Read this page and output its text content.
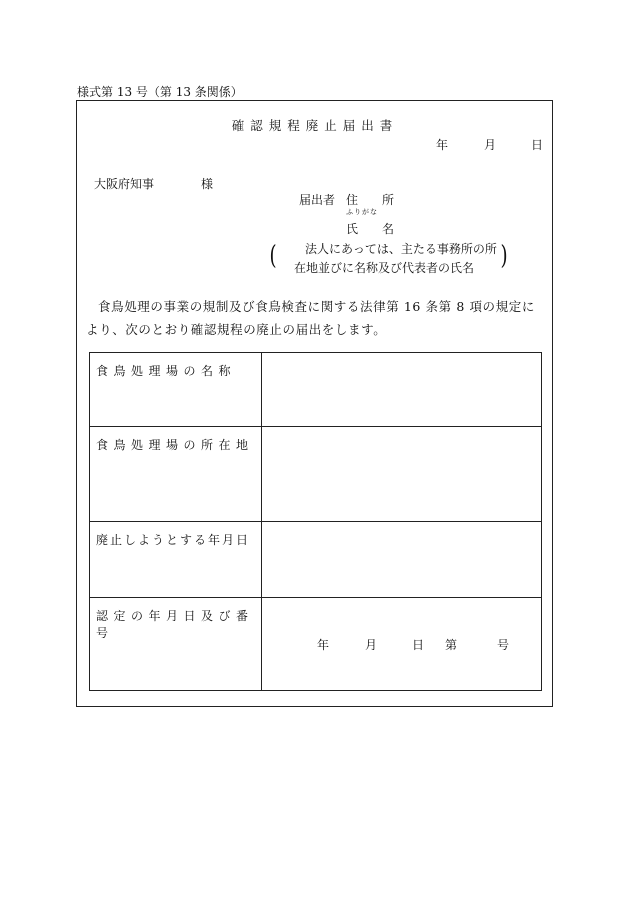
様式第 13 号（第 13 条関係）
確認規程廃止届出書
年	月	日
大阪府知事	様
届出者 住　　所
ふりがな
氏　　名
( 法人にあっては、主たる事務所の所
在地並びに名称及び代表者の氏名 )
食鳥処理の事業の規制及び食鳥検査に関する法律第 16 条第 8 項の規定により、次のとおり確認規程の廃止の届出をします。
食鳥処理場の名称	
食鳥処理場の所在地	
廃止しようとする年月日	
認定の年月日及び番号	年 月 日 第 号
